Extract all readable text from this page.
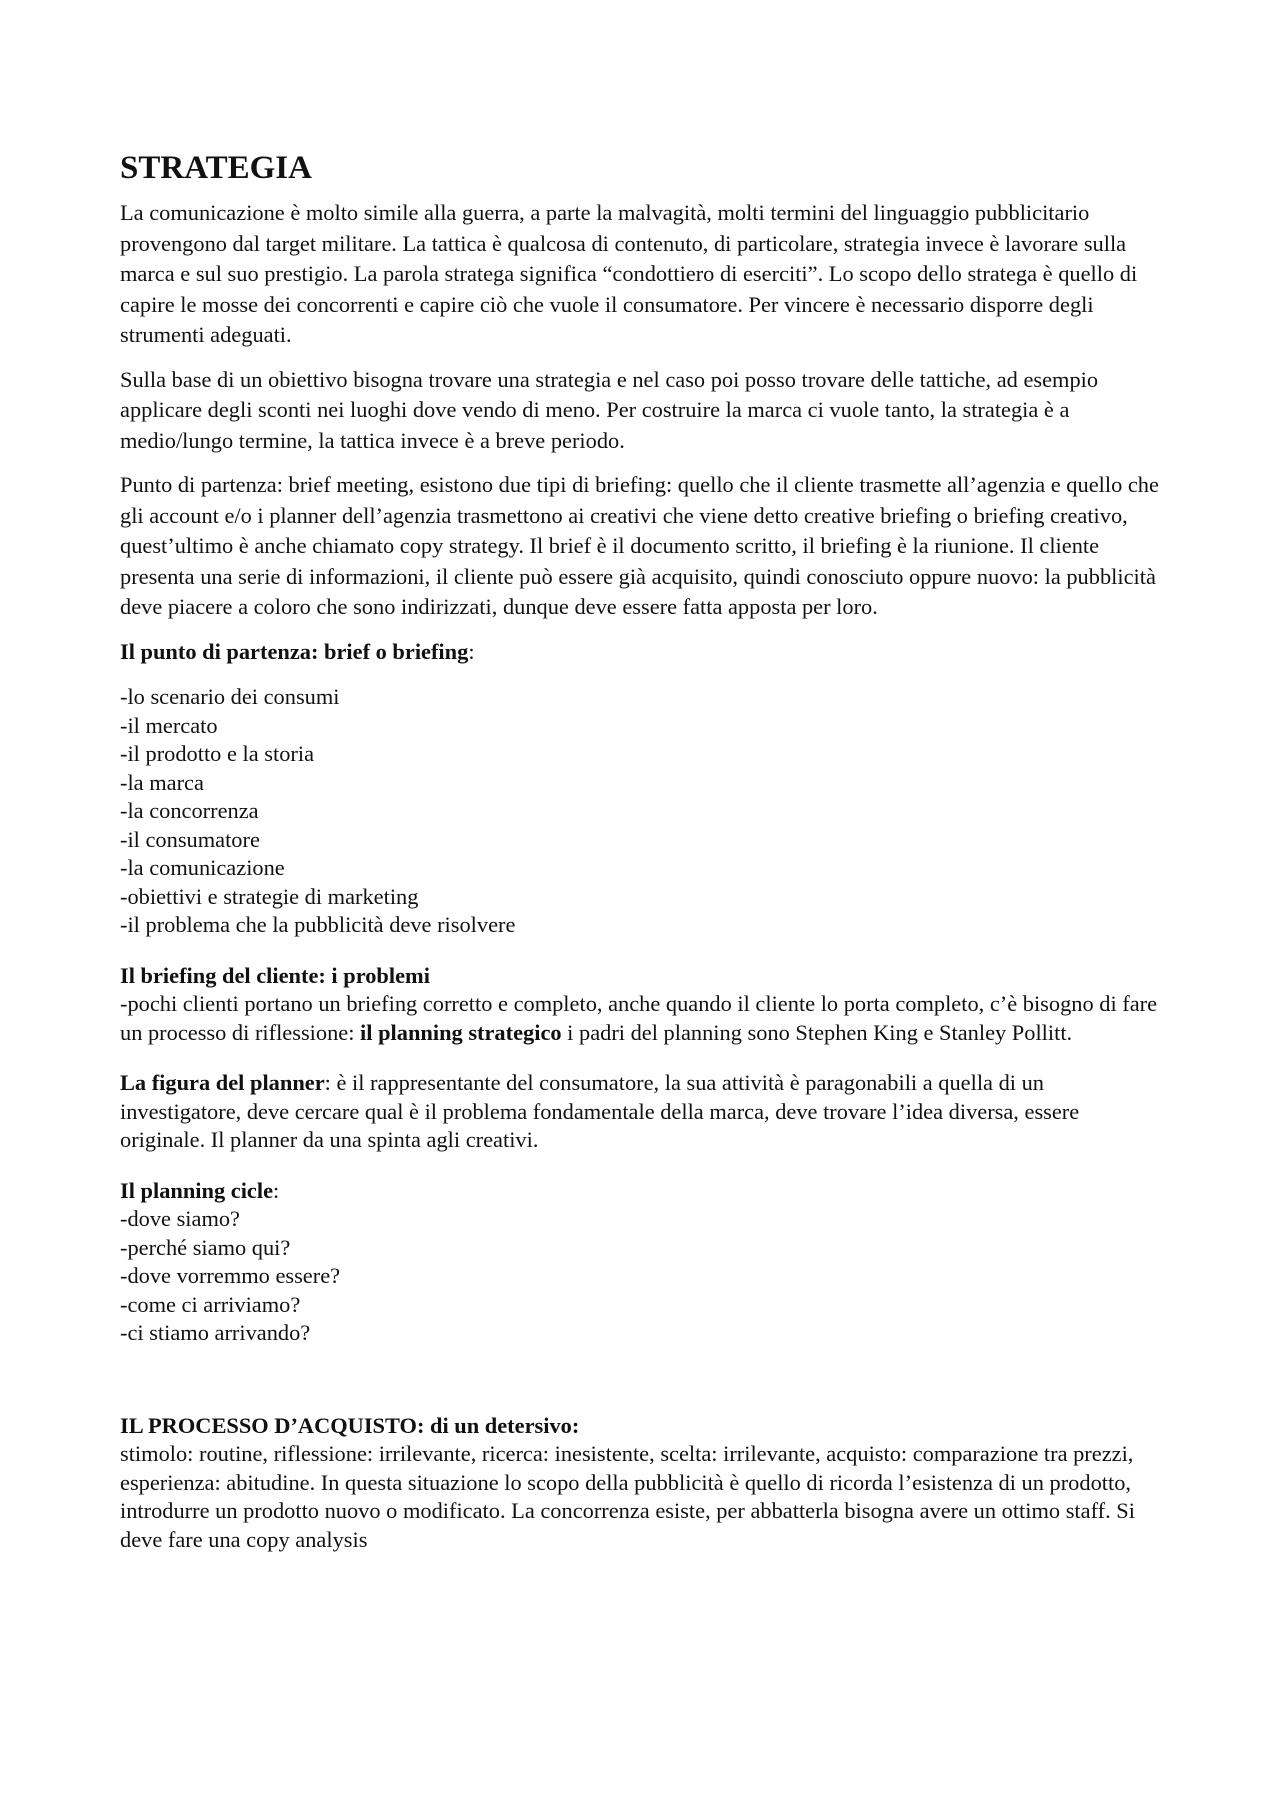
STRATEGIA

La comunicazione è molto simile alla guerra, a parte la malvagità, molti termini del linguaggio pubblicitario provengono dal target militare. La tattica è qualcosa di contenuto, di particolare, strategia invece è lavorare sulla marca e sul suo prestigio. La parola stratega significa “condottiero di eserciti”. Lo scopo dello stratega è quello di capire le mosse dei concorrenti e capire ciò che vuole il consumatore. Per vincere è necessario disporre degli strumenti adeguati.

Sulla base di un obiettivo bisogna trovare una strategia e nel caso poi posso trovare delle tattiche, ad esempio applicare degli sconti nei luoghi dove vendo di meno. Per costruire la marca ci vuole tanto, la strategia è a medio/lungo termine, la tattica invece è a breve periodo.

Punto di partenza: brief meeting, esistono due tipi di briefing: quello che il cliente trasmette all’agenzia e quello che gli account e/o i planner dell’agenzia trasmettono ai creativi che viene detto creative briefing o briefing creativo, quest’ultimo è anche chiamato copy strategy. Il brief è il documento scritto, il briefing è la riunione. Il cliente presenta una serie di informazioni, il cliente può essere già acquisito, quindi conosciuto oppure nuovo: la pubblicità deve piacere a coloro che sono indirizzati, dunque deve essere fatta apposta per loro.

Il punto di partenza: brief o briefing:
-lo scenario dei consumi
-il mercato
-il prodotto e la storia
-la marca
-la concorrenza
-il consumatore
-la comunicazione
-obiettivi e strategie di marketing
-il problema che la pubblicità deve risolvere
Il briefing del cliente: i problemi
-pochi clienti portano un briefing corretto e completo, anche quando il cliente lo porta completo, c’è bisogno di fare un processo di riflessione: il planning strategico i padri del planning sono Stephen King e Stanley Pollitt.
La figura del planner: è il rappresentante del consumatore, la sua attività è paragonabili a quella di un investigatore, deve cercare qual è il problema fondamentale della marca, deve trovare l’idea diversa, essere originale. Il planner da una spinta agli creativi.
Il planning cicle:
-dove siamo?
-perché siamo qui?
-dove vorremmo essere?
-come ci arriviamo?
-ci stiamo arrivando?
IL PROCESSO D’ACQUISTO: di un detersivo:
stimolo: routine, riflessione: irrilevante, ricerca: inesistente, scelta: irrilevante, acquisto: comparazione tra prezzi, esperienza: abitudine. In questa situazione lo scopo della pubblicità è quello di ricorda l’esistenza di un prodotto, introdurre un prodotto nuovo o modificato. La concorrenza esiste, per abbatterla bisogna avere un ottimo staff. Si deve fare una copy analysis
